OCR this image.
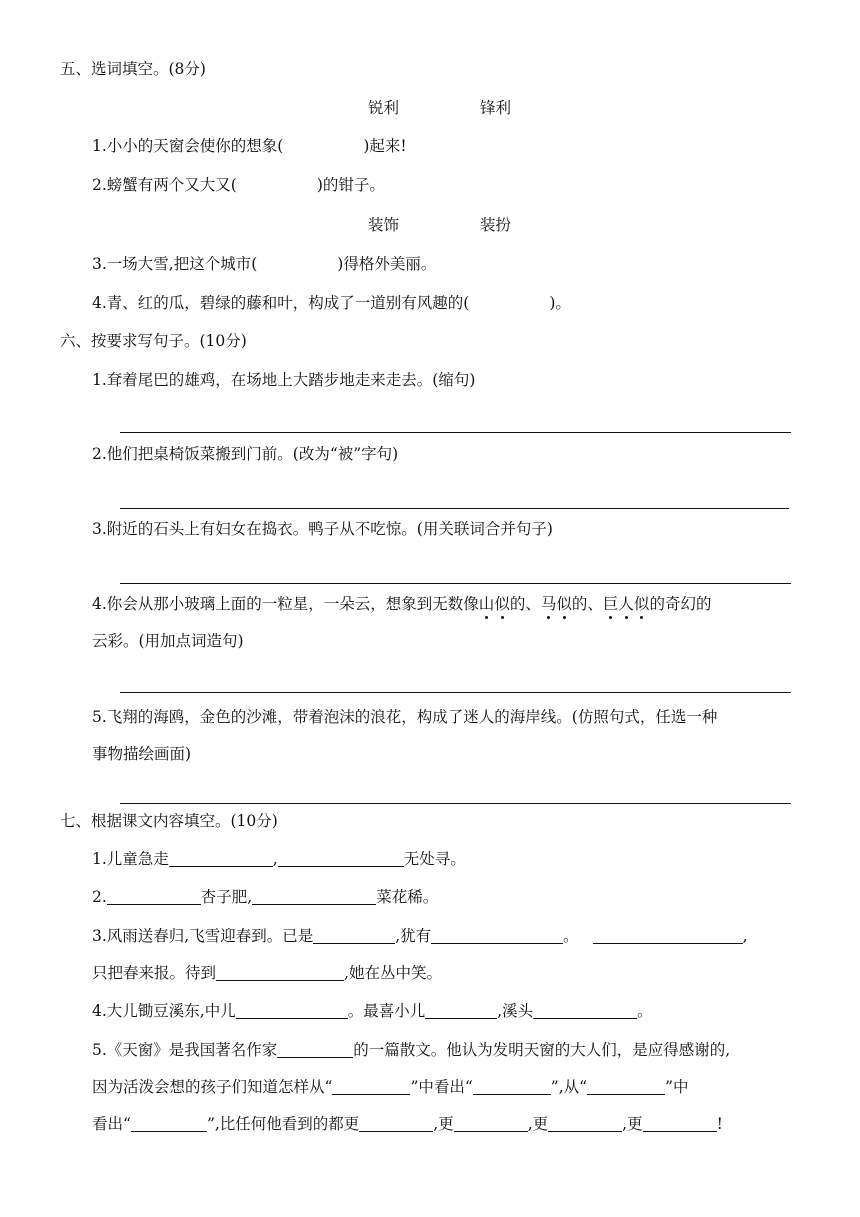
五、选词填空。(8分)
锐利	锋利
1.小小的天窗会使你的想象(	)起来!
2.螃蟹有两个又大又(	)的钳子。
装饰	装扮
3.一场大雪,把这个城市(	)得格外美丽。
4.青、红的瓜，碧绿的藤和叶，构成了一道别有风趣的(	)。
六、按要求写句子。(10分)
1.耷着尾巴的雄鸡，在场地上大踏步地走来走去。(缩句)
2.他们把桌椅饭菜搬到门前。(改为“被”字句)
3.附近的石头上有妇女在捣衣。鸭子从不吃惊。(用关联词合并句子)
4.你会从那小玻璃上面的一粒星，一朵云，想象到无数像山似的、马似的、巨人似的奇幻的
云彩。(用加点词造句)
5.飞翔的海鸥，金色的沙滩，带着泡沫的浪花，构成了迷人的海岸线。(仿照句式，任选一种
事物描绘画面)
七、根据课文内容填空。(10分)
1.儿童急走	,	无处寻。
2.	杏子肥,	菜花稀。
3.风雨送春归,飞雪迎春到。已是	,犹有	。	,
只把春来报。待到	,她在丛中笑。
4.大儿锄豆溪东,中儿	。最喜小儿	,溪头	。
5.《天窗》是我国著名作家	的一篇散文。他认为发明天窗的大人们，是应得感谢的,
因为活泼会想的孩子们知道怎样从“	”中看出“	”,从“	”中
看出“	”,比任何他看到的都更	,更	,更	,更	!
